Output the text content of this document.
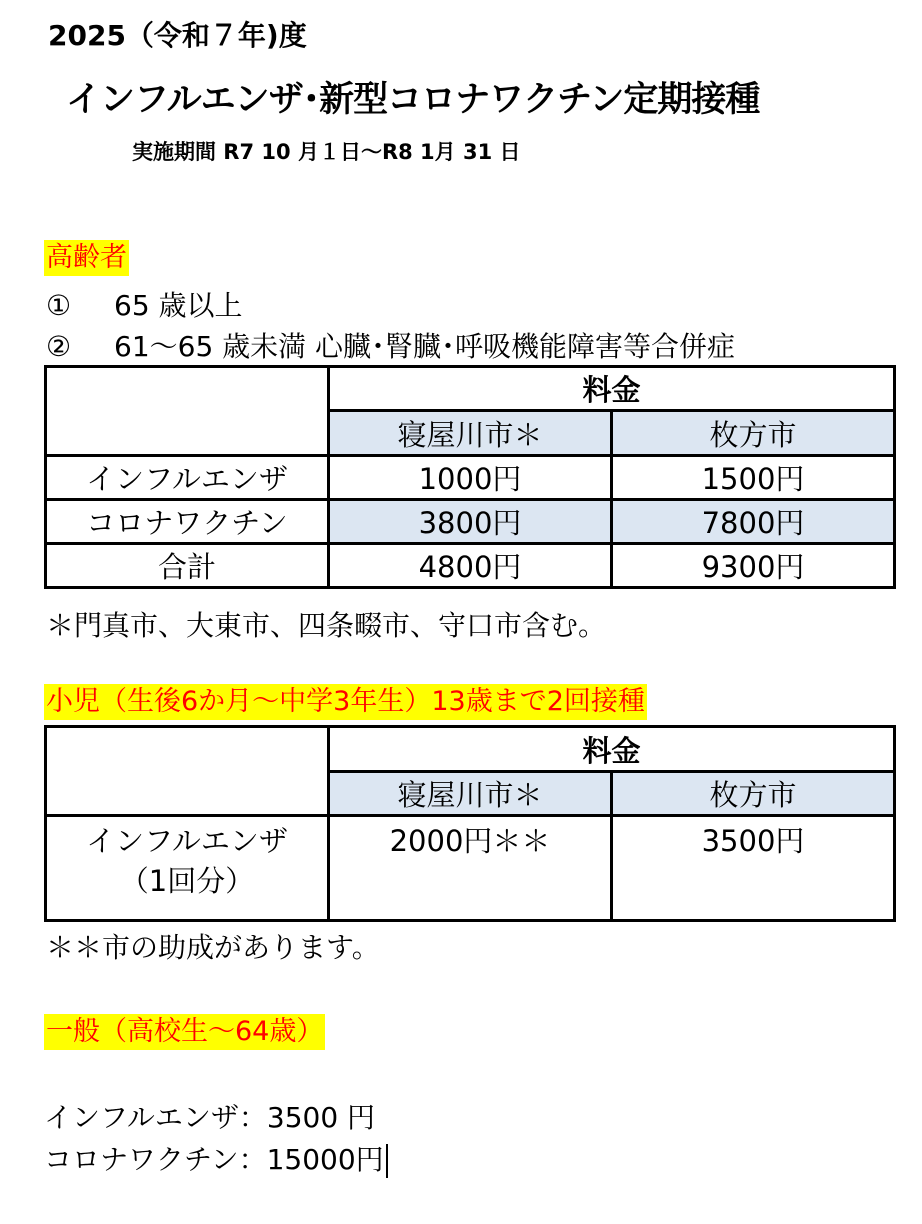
2025（令和７年)度
インフルエンザ･新型コロナワクチン定期接種
実施期間 R7 10 月１日～R8 1月 31 日
高齢者
① 65 歳以上
② 61～65 歳未満 心臓･腎臓･呼吸機能障害等合併症
	料金	
	寝屋川市＊	枚方市
インフルエンザ	1000円	1500円
コロナワクチン	3800円	7800円
合計	4800円	9300円
＊門真市、大東市、四条畷市、守口市含む。
小児（生後6か月～中学3年生）13歳まで2回接種
	料金	
	寝屋川市＊	枚方市

インフルエンザ
（1回分）	2000円＊＊	3500円
＊＊市の助成があります。
一般（高校生～64歳）
インフルエンザ：3500 円
コロナワクチン：15000円
